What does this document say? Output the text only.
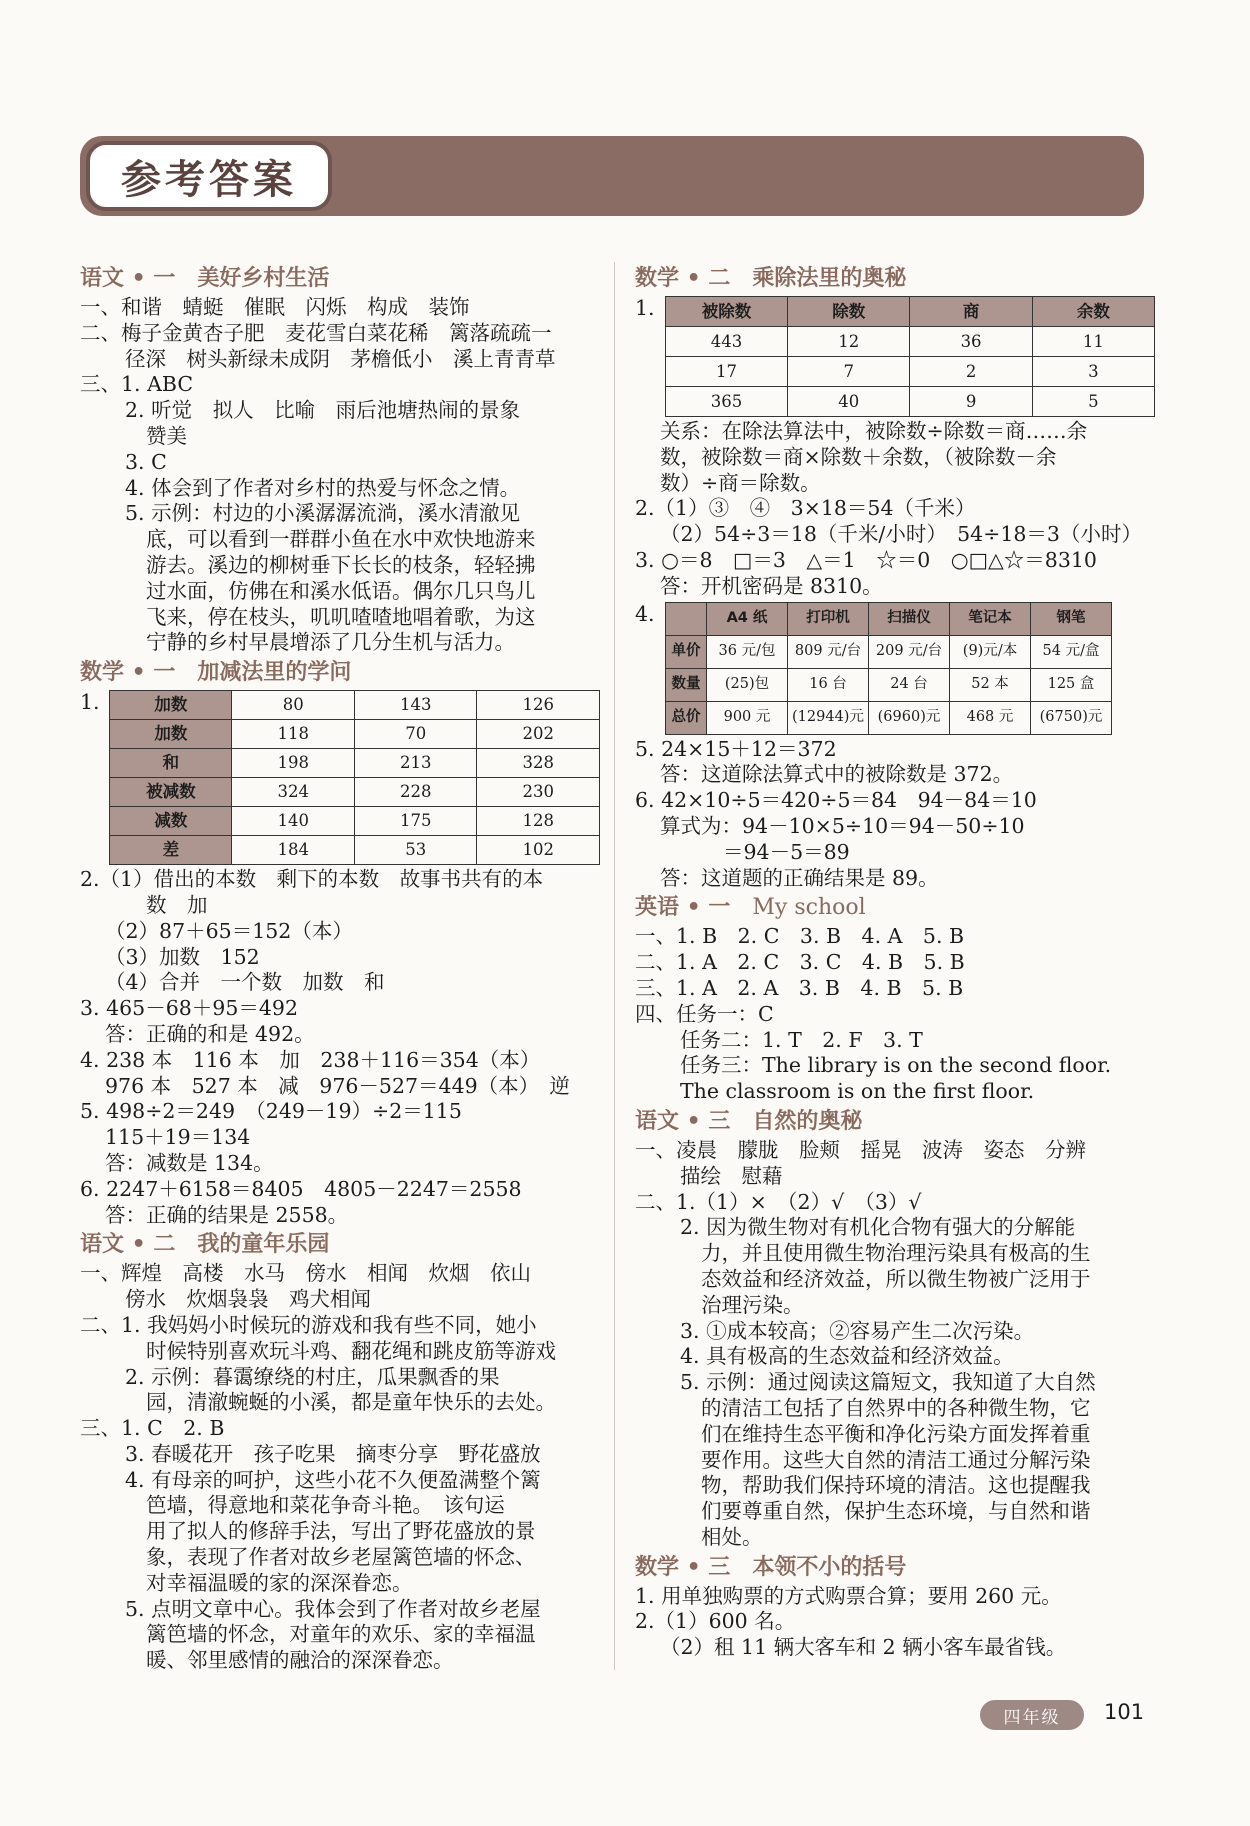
参考答案
语文 • 一 美好乡村生活
一、和谐　蜻蜓　催眠　闪烁　构成　装饰
二、梅子金黄杏子肥　麦花雪白菜花稀　篱落疏疏一
径深　树头新绿未成阴　茅檐低小　溪上青青草
三、1. ABC
2. 听觉　拟人　比喻　雨后池塘热闹的景象
赞美
3. C
4. 体会到了作者对乡村的热爱与怀念之情。
5. 示例：村边的小溪潺潺流淌，溪水清澈见
底，可以看到一群群小鱼在水中欢快地游来
游去。溪边的柳树垂下长长的枝条，轻轻拂
过水面，仿佛在和溪水低语。偶尔几只鸟儿
飞来，停在枝头，叽叽喳喳地唱着歌，为这
宁静的乡村早晨增添了几分生机与活力。
数学 • 一 加减法里的学问
1.	加数	80	143	126
加数	118	70	202
和	198	213	328
被减数	324	228	230
减数	140	175	128
差	184	53	102
2.（1）借出的本数　剩下的本数　故事书共有的本
数　加
（2）87＋65＝152（本）
（3）加数　152
（4）合并　一个数　加数　和
3. 465－68＋95＝492
答：正确的和是 492。
4. 238 本　116 本　加　238＋116＝354（本）
976 本　527 本　减　976－527＝449（本）　逆
5. 498÷2＝249　（249－19）÷2＝115
115＋19＝134
答：减数是 134。
6. 2247＋6158＝8405　4805－2247＝2558
答：正确的结果是 2558。
语文 • 二 我的童年乐园
一、辉煌　高楼　水马　傍水　相闻　炊烟　依山
傍水　炊烟袅袅　鸡犬相闻
二、1. 我妈妈小时候玩的游戏和我有些不同，她小
时候特别喜欢玩斗鸡、翻花绳和跳皮筋等游戏
2. 示例：暮霭缭绕的村庄，瓜果飘香的果
园，清澈蜿蜒的小溪，都是童年快乐的去处。
三、1. C　2. B
3. 春暖花开　孩子吃果　摘枣分享　野花盛放
4. 有母亲的呵护，这些小花不久便盈满整个篱
笆墙，得意地和菜花争奇斗艳。　该句运
用了拟人的修辞手法，写出了野花盛放的景
象，表现了作者对故乡老屋篱笆墙的怀念、
对幸福温暖的家的深深眷恋。
5. 点明文章中心。我体会到了作者对故乡老屋
篱笆墙的怀念，对童年的欢乐、家的幸福温
暖、邻里感情的融洽的深深眷恋。
数学 • 二 乘除法里的奥秘
1.	被除数	除数	商	余数
443	12	36	11
17	7	2	3
365	40	9	5
关系：在除法算法中，被除数÷除数＝商……余
数，被除数＝商×除数＋余数，（被除数－余
数）÷商＝除数。
2.（1）③　④　3×18＝54（千米）
（2）54÷3＝18（千米/小时）　54÷18＝3（小时）
3. ○＝8　□＝3　△＝1　☆＝0　○□△☆＝8310
答：开机密码是 8310。
4.
		A4 纸	打印机	扫描仪	笔记本	钢笔
单价	36 元/包	809 元/台	209 元/台	(9)元/本	54 元/盒
数量	(25)包	16 台	24 台	52 本	125 盒
总价	900 元	(12944)元	(6960)元	468 元	(6750)元
5. 24×15＋12＝372
答：这道除法算式中的被除数是 372。
6. 42×10÷5＝420÷5＝84　94－84＝10
算式为：94－10×5÷10＝94－50÷10
＝94－5＝89
答：这道题的正确结果是 89。
英语 • 一 My school
一、1. B　2. C　3. B　4. A　5. B
二、1. A　2. C　3. C　4. B　5. B
三、1. A　2. A　3. B　4. B　5. B
四、任务一：C
任务二：1. T　2. F　3. T
任务三：The library is on the second floor.
The classroom is on the first floor.
语文 • 三 自然的奥秘
一、凌晨　朦胧　脸颊　摇晃　波涛　姿态　分辨
描绘　慰藉
二、1.（1）×　（2）√　（3）√
2. 因为微生物对有机化合物有强大的分解能
力，并且使用微生物治理污染具有极高的生
态效益和经济效益，所以微生物被广泛用于
治理污染。
3. ①成本较高；②容易产生二次污染。
4. 具有极高的生态效益和经济效益。
5. 示例：通过阅读这篇短文，我知道了大自然
的清洁工包括了自然界中的各种微生物，它
们在维持生态平衡和净化污染方面发挥着重
要作用。这些大自然的清洁工通过分解污染
物，帮助我们保持环境的清洁。这也提醒我
们要尊重自然，保护生态环境，与自然和谐
相处。
数学 • 三 本领不小的括号
1. 用单独购票的方式购票合算；要用 260 元。
2.（1）600 名。
（2）租 11 辆大客车和 2 辆小客车最省钱。
四年级	101
